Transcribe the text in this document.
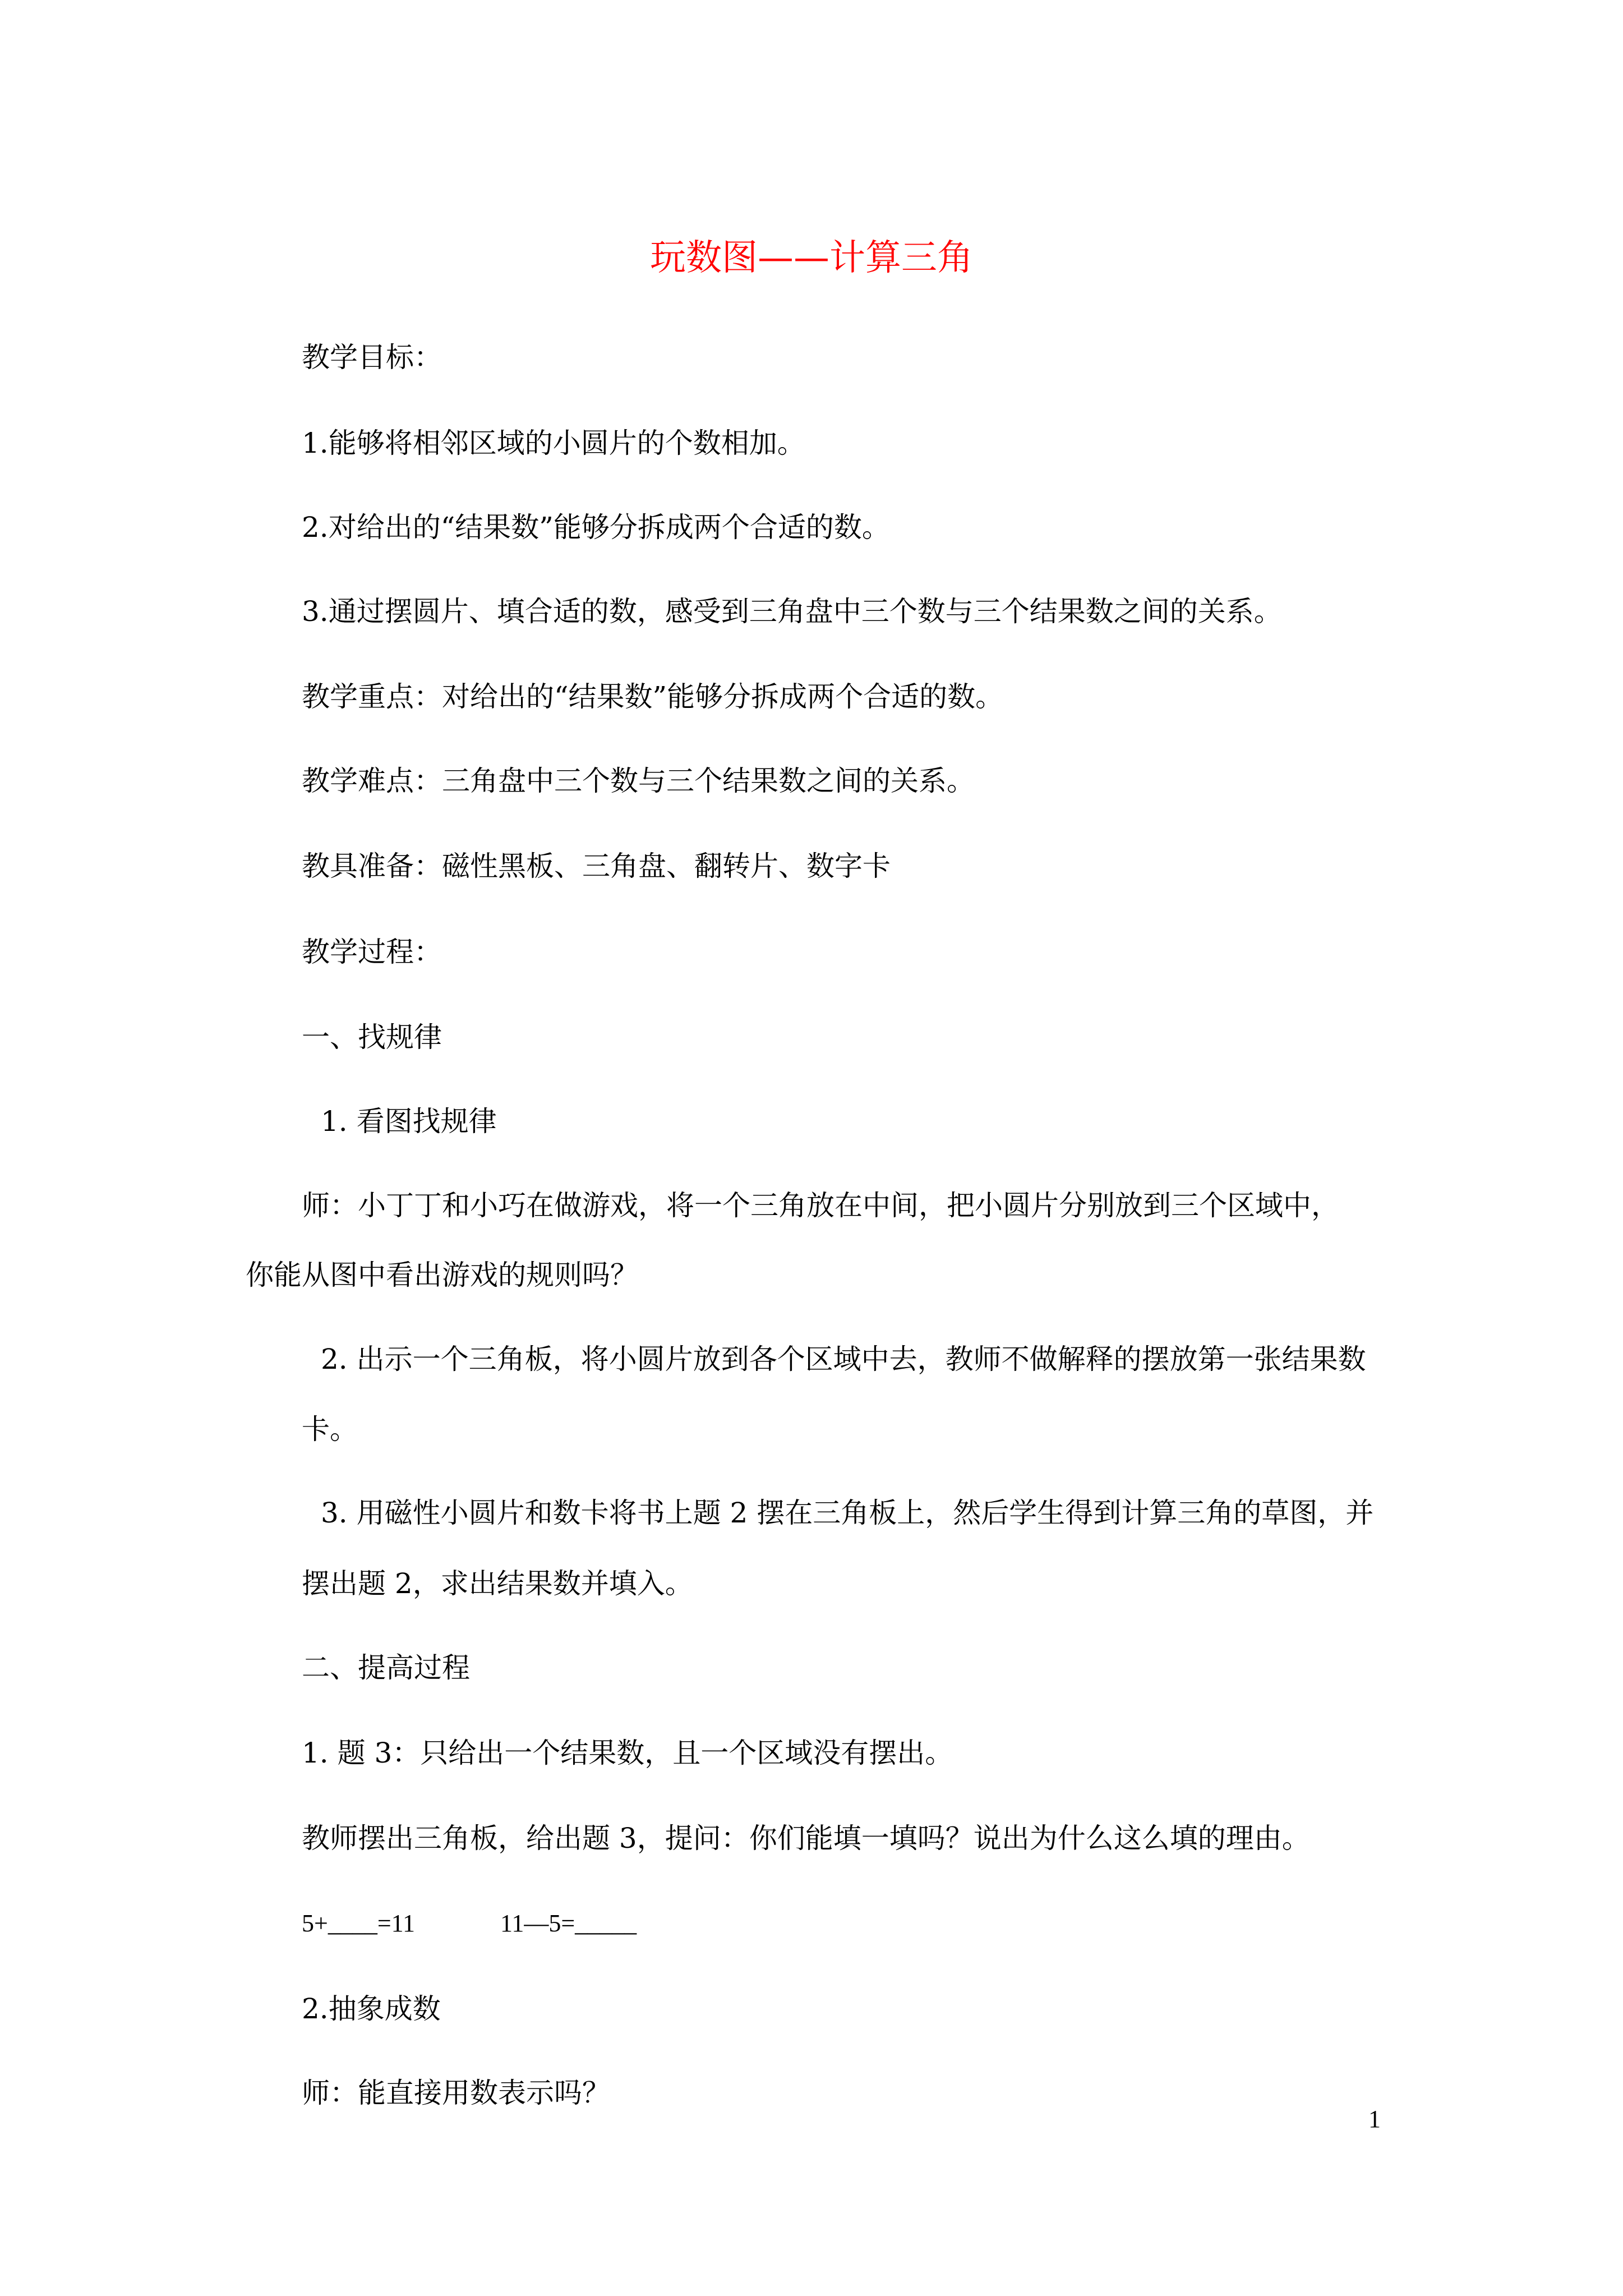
玩数图——计算三角
教学目标：
1.能够将相邻区域的小圆片的个数相加。
2.对给出的“结果数”能够分拆成两个合适的数。
3.通过摆圆片、填合适的数，感受到三角盘中三个数与三个结果数之间的关系。
教学重点：对给出的“结果数”能够分拆成两个合适的数。
教学难点：三角盘中三个数与三个结果数之间的关系。
教具准备：磁性黑板、三角盘、翻转片、数字卡
教学过程：
一、找规律
1. 看图找规律
师：小丁丁和小巧在做游戏，将一个三角放在中间，把小圆片分别放到三个区域中，
你能从图中看出游戏的规则吗？
2. 出示一个三角板，将小圆片放到各个区域中去，教师不做解释的摆放第一张结果数
卡。
3. 用磁性小圆片和数卡将书上题 2 摆在三角板上，然后学生得到计算三角的草图，并
摆出题 2，求出结果数并填入。
二、提高过程
1. 题 3：只给出一个结果数，且一个区域没有摆出。
教师摆出三角板，给出题 3，提问：你们能填一填吗？说出为什么这么填的理由。
5+____=11	11—5=_____
2.抽象成数
师：能直接用数表示吗？
1
